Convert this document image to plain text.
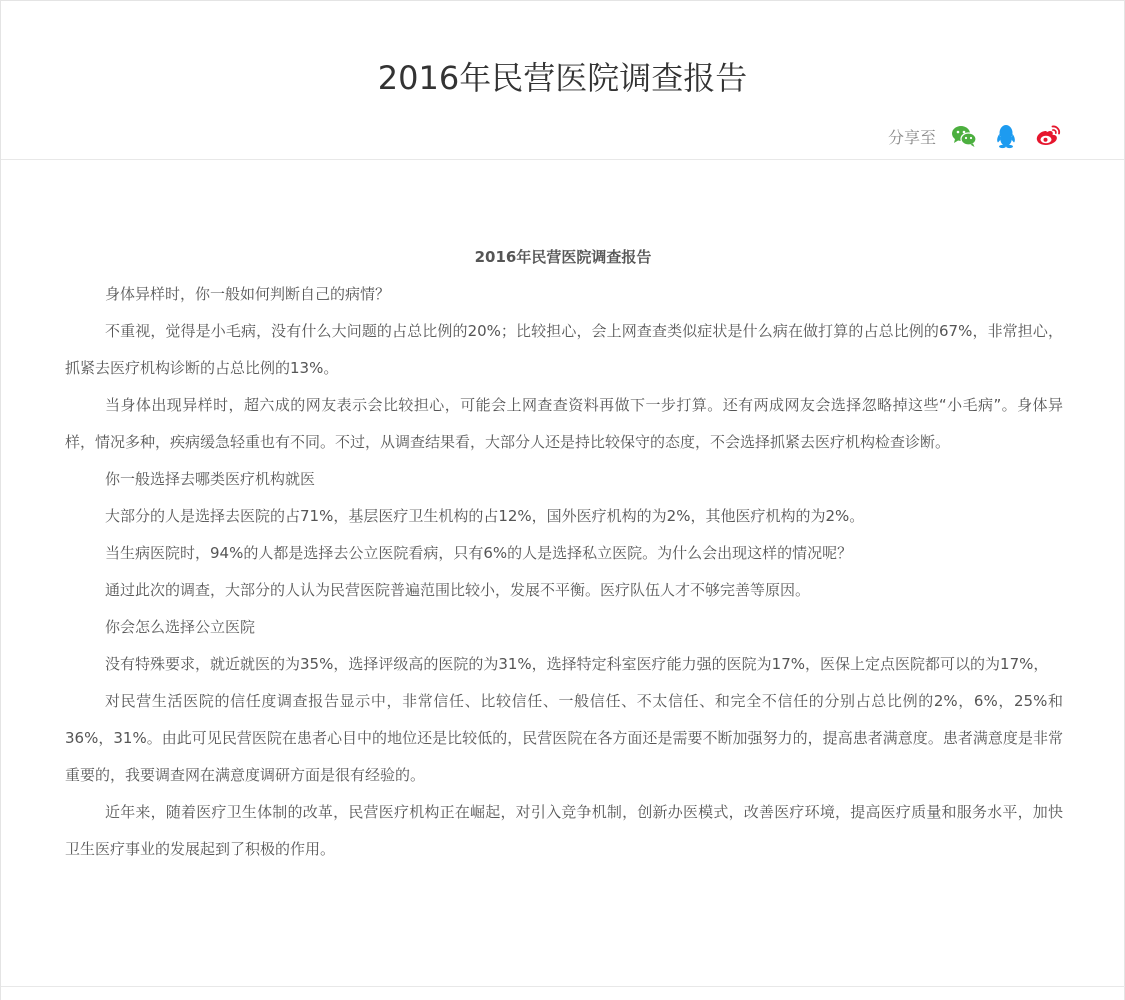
2016年民营医院调查报告
分享至
2016年民营医院调查报告

身体异样时，你一般如何判断自己的病情？

不重视，觉得是小毛病，没有什么大问题的占总比例的20%；比较担心，会上网查查类似症状是什么病在做打算的占总比例的67%，非常担心，抓紧去医疗机构诊断的占总比例的13%。

当身体出现异样时，超六成的网友表示会比较担心，可能会上网查查资料再做下一步打算。还有两成网友会选择忽略掉这些“小毛病”。身体异样，情况多种，疾病缓急轻重也有不同。不过，从调查结果看，大部分人还是持比较保守的态度，不会选择抓紧去医疗机构检查诊断。

你一般选择去哪类医疗机构就医

大部分的人是选择去医院的占71%，基层医疗卫生机构的占12%，国外医疗机构的为2%，其他医疗机构的为2%。

当生病医院时，94%的人都是选择去公立医院看病，只有6%的人是选择私立医院。为什么会出现这样的情况呢？

通过此次的调查，大部分的人认为民营医院普遍范围比较小，发展不平衡。医疗队伍人才不够完善等原因。

你会怎么选择公立医院

没有特殊要求，就近就医的为35%，选择评级高的医院的为31%，选择特定科室医疗能力强的医院为17%，医保上定点医院都可以的为17%，

对民营生活医院的信任度调查报告显示中，非常信任、比较信任、一般信任、不太信任、和完全不信任的分别占总比例的2%，6%，25%和36%，31%。由此可见民营医院在患者心目中的地位还是比较低的，民营医院在各方面还是需要不断加强努力的，提高患者满意度。患者满意度是非常重要的，我要调查网在满意度调研方面是很有经验的。

近年来，随着医疗卫生体制的改革，民营医疗机构正在崛起，对引入竞争机制，创新办医模式，改善医疗环境，提高医疗质量和服务水平，加快卫生医疗事业的发展起到了积极的作用。
